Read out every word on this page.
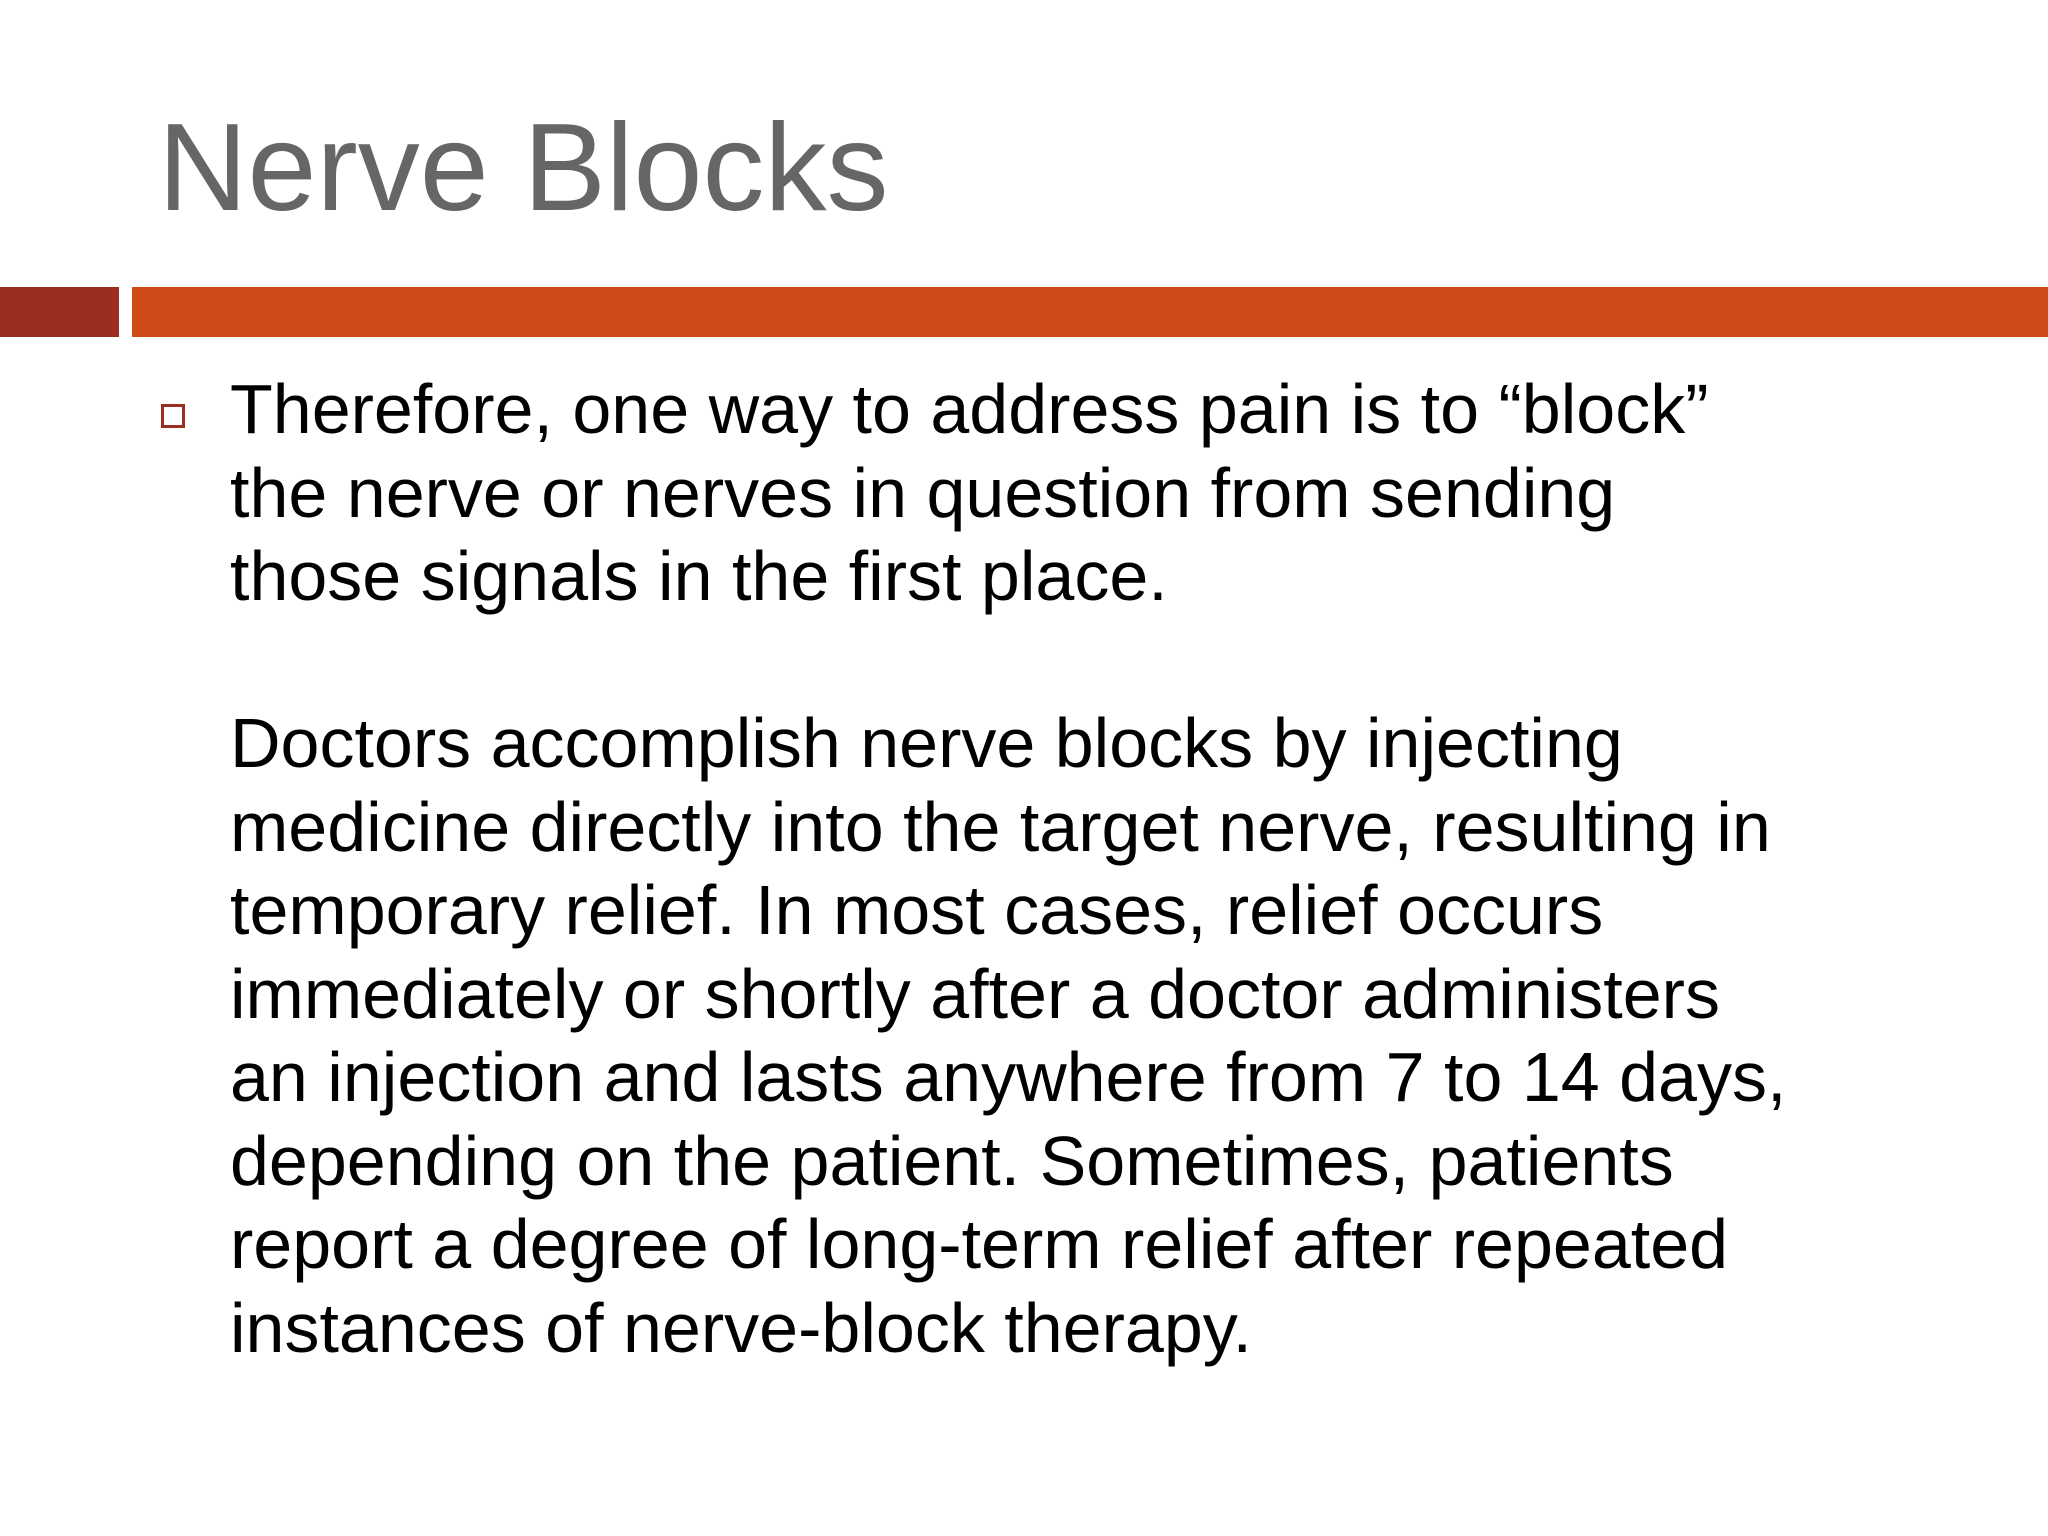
Nerve Blocks

Therefore, one way to address pain is to “block”
the nerve or nerves in question from sending
those signals in the first place.
Doctors accomplish nerve blocks by injecting
medicine directly into the target nerve, resulting in
temporary relief. In most cases, relief occurs
immediately or shortly after a doctor administers
an injection and lasts anywhere from 7 to 14 days,
depending on the patient. Sometimes, patients
report a degree of long-term relief after repeated
instances of nerve-block therapy.
